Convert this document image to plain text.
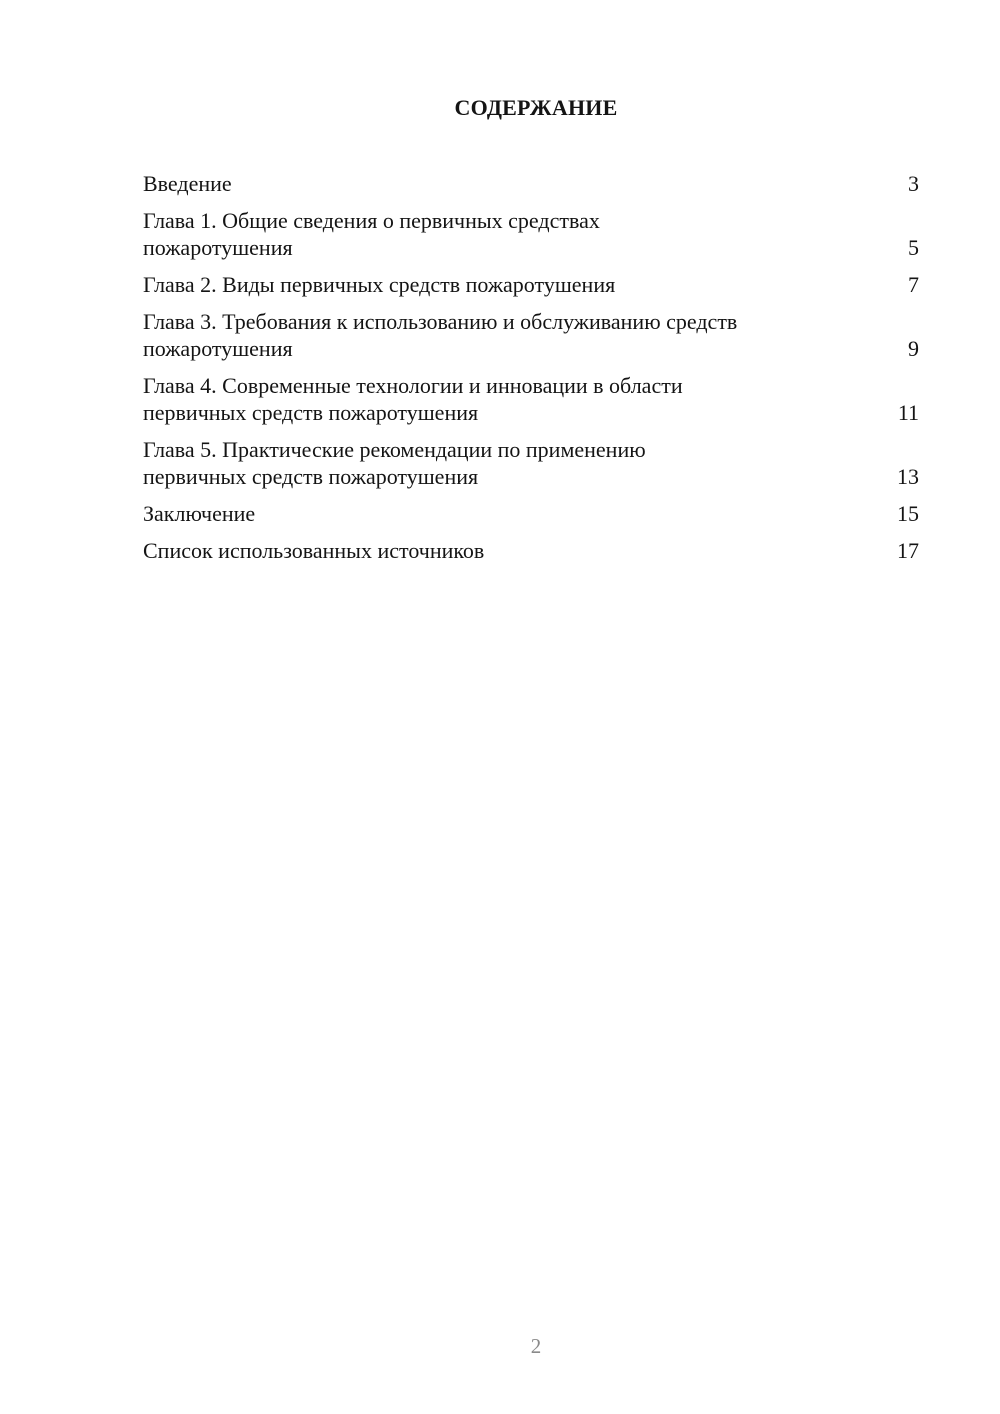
СОДЕРЖАНИЕ
Введение	3
Глава 1. Общие сведения о первичных средствах
пожаротушения	5
Глава 2. Виды первичных средств пожаротушения	7
Глава 3. Требования к использованию и обслуживанию средств
пожаротушения	9
Глава 4. Современные технологии и инновации в области
первичных средств пожаротушения	11
Глава 5. Практические рекомендации по применению
первичных средств пожаротушения	13
Заключение	15
Список использованных источников	17
2
